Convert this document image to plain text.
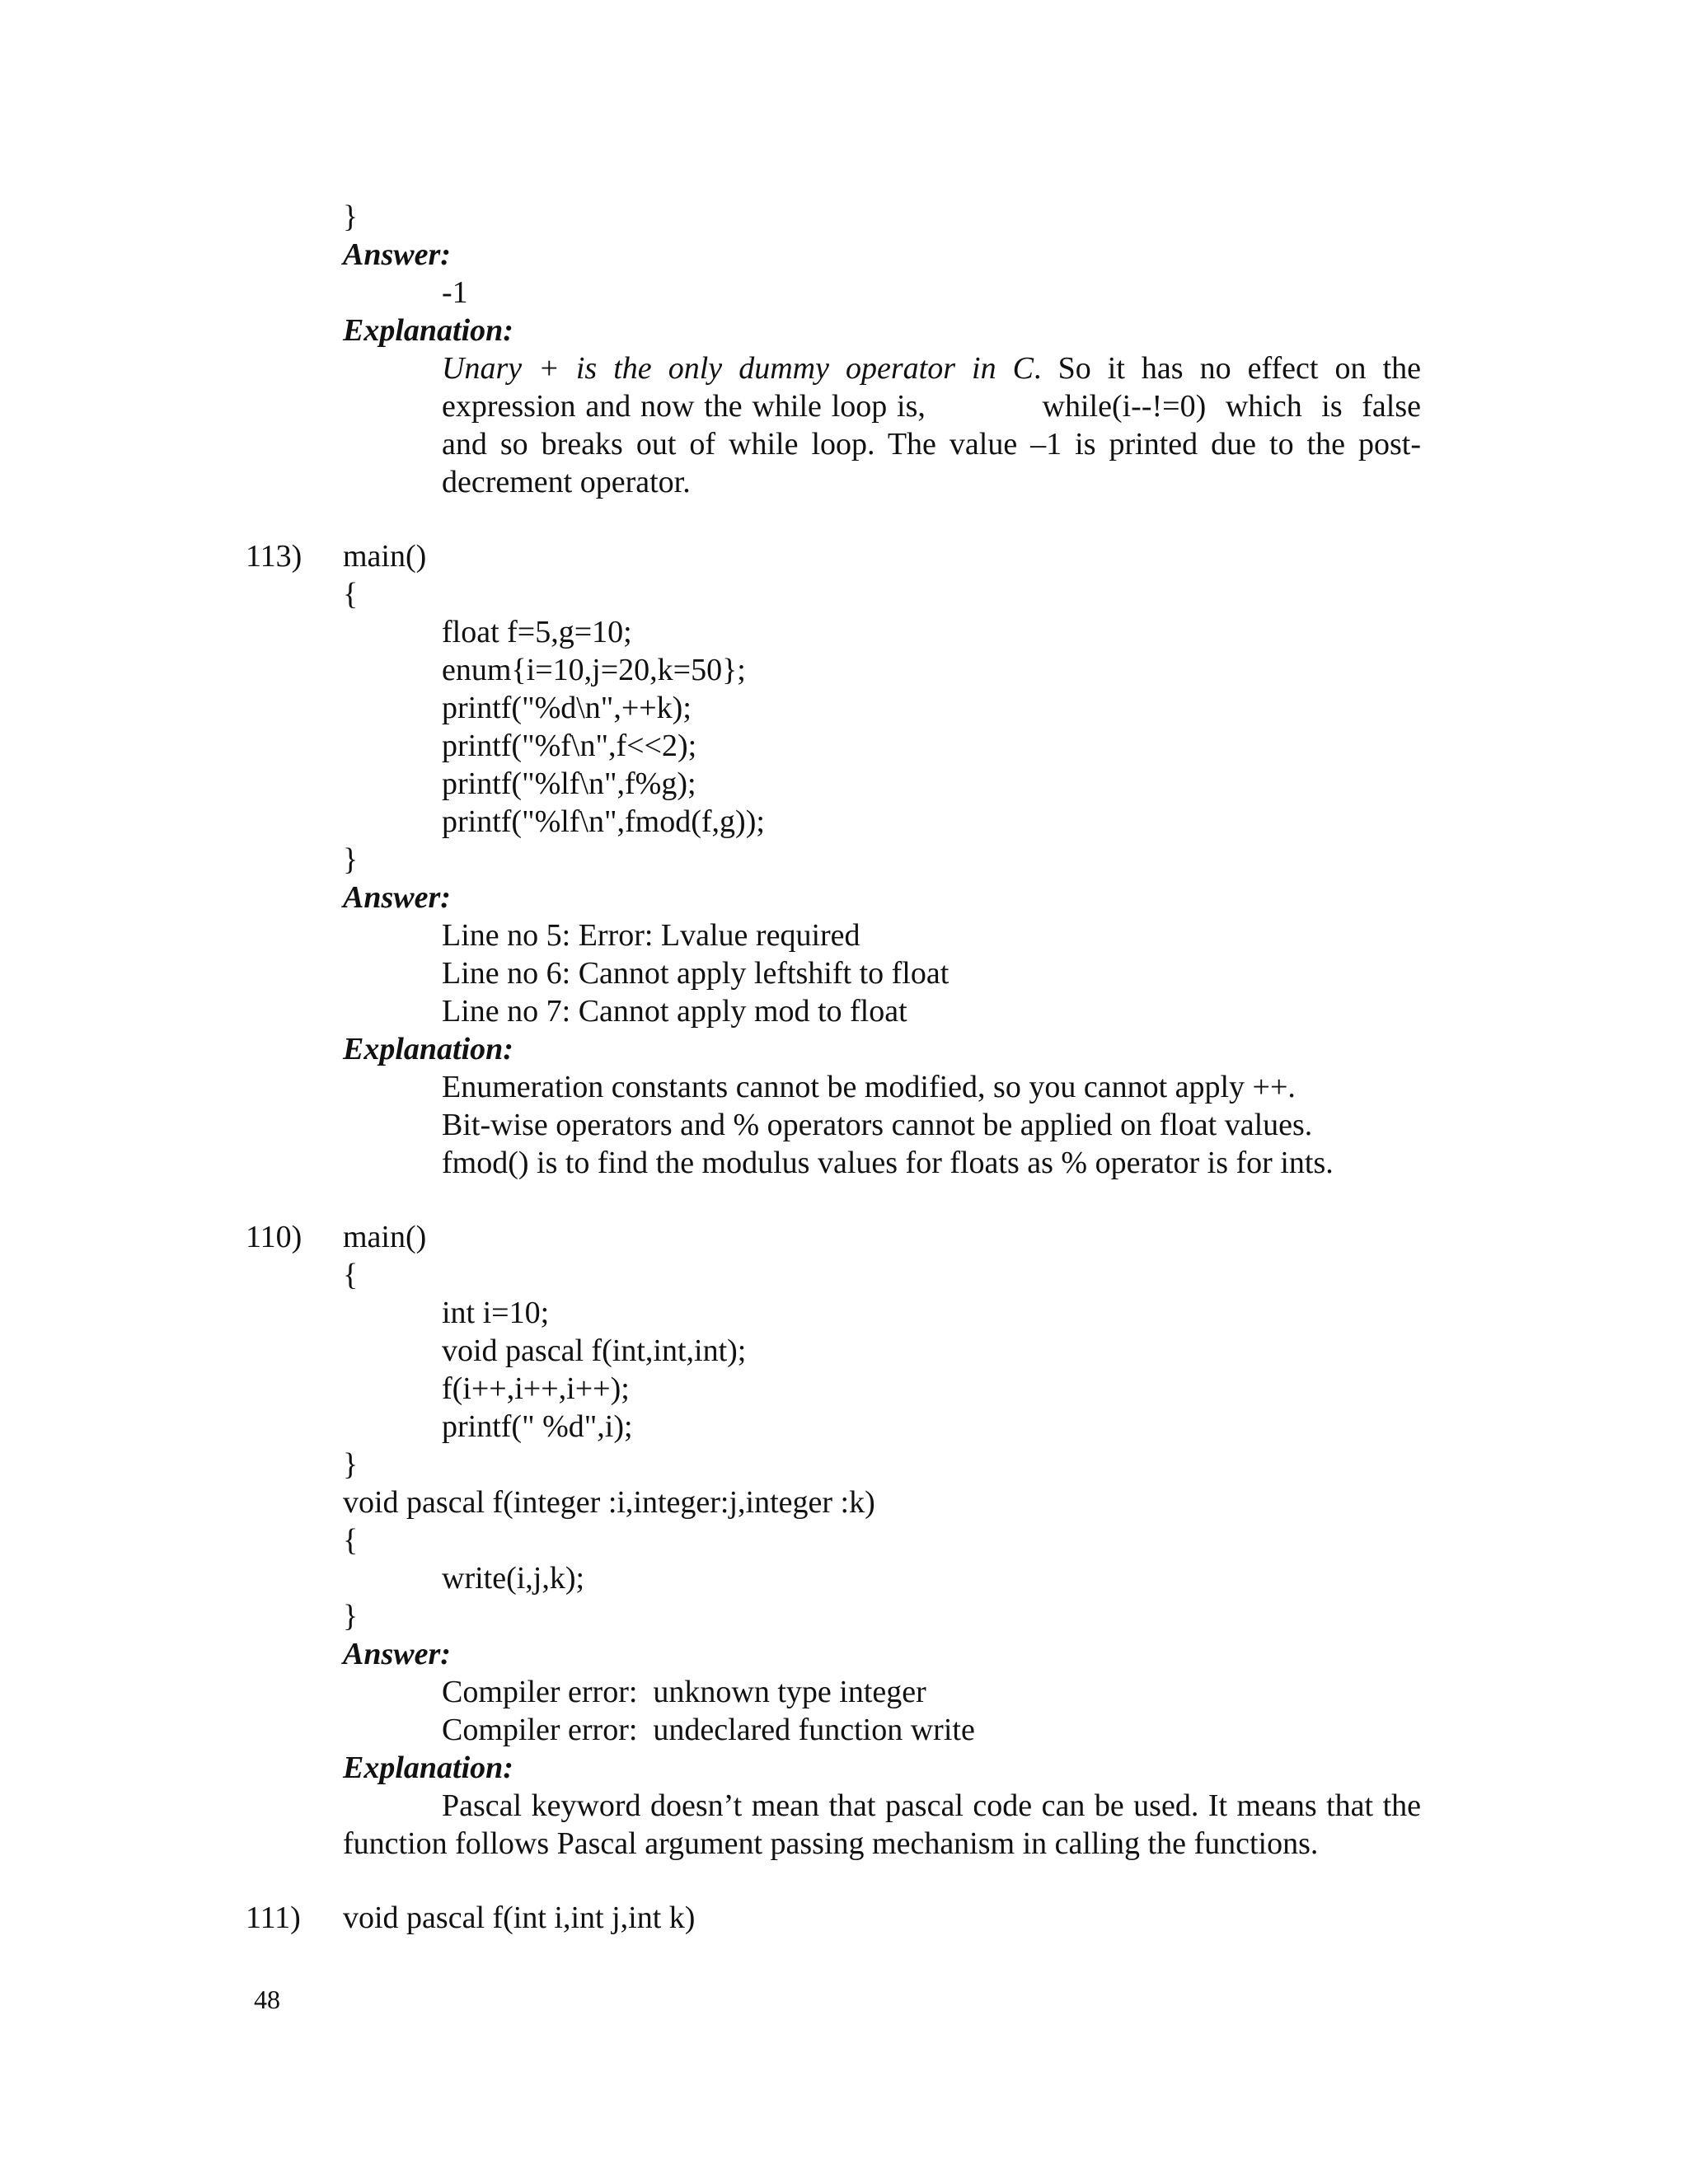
}

Answer:

-1

Explanation:

Unary + is the only dummy operator in C. So it has no effect on the
expression and now the while loop is,            while(i--!=0)  which  is  false
and so breaks out of while loop. The value –1 is printed due to the post-
decrement operator.

113) main()

{

float f=5,g=10;

enum{i=10,j=20,k=50};

printf("%d\n",++k);

printf("%f\n",f<<2);

printf("%lf\n",f%g);

printf("%lf\n",fmod(f,g));

}

Answer:

Line no 5: Error: Lvalue required

Line no 6: Cannot apply leftshift to float

Line no 7: Cannot apply mod to float

Explanation:

Enumeration constants cannot be modified, so you cannot apply ++.

Bit-wise operators and % operators cannot be applied on float values.

fmod() is to find the modulus values for floats as % operator is for ints.

110) main()

{

int i=10;

void pascal f(int,int,int);

f(i++,i++,i++);

printf(" %d",i);

}

void pascal f(integer :i,integer:j,integer :k)

{

write(i,j,k);

}

Answer:

Compiler error:  unknown type integer

Compiler error:  undeclared function write

Explanation:

Pascal keyword doesn’t mean that pascal code can be used. It means that the
function follows Pascal argument passing mechanism in calling the functions.

111) void pascal f(int i,int j,int k)

48
